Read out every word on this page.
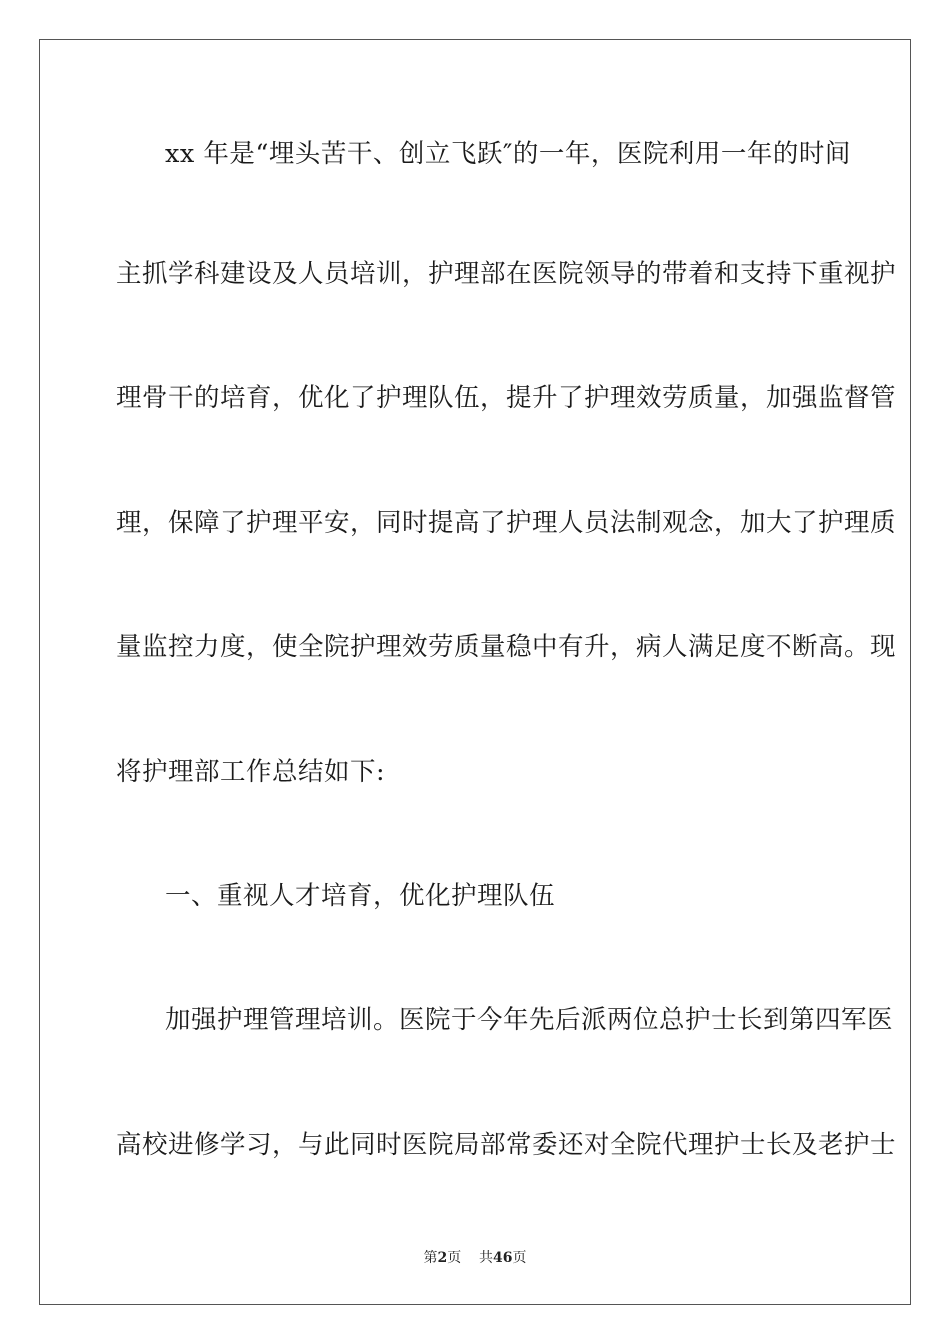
xx 年是“埋头苦干、创立飞跃″的一年，医院利用一年的时间
主抓学科建设及人员培训，护理部在医院领导的带着和支持下重视护
理骨干的培育，优化了护理队伍，提升了护理效劳质量，加强监督管
理，保障了护理平安，同时提高了护理人员法制观念，加大了护理质
量监控力度，使全院护理效劳质量稳中有升，病人满足度不断高。现
将护理部工作总结如下:
一、重视人才培育，优化护理队伍
加强护理管理培训。医院于今年先后派两位总护士长到第四军医
高校进修学习，与此同时医院局部常委还对全院代理护士长及老护士
第2页 共46页
